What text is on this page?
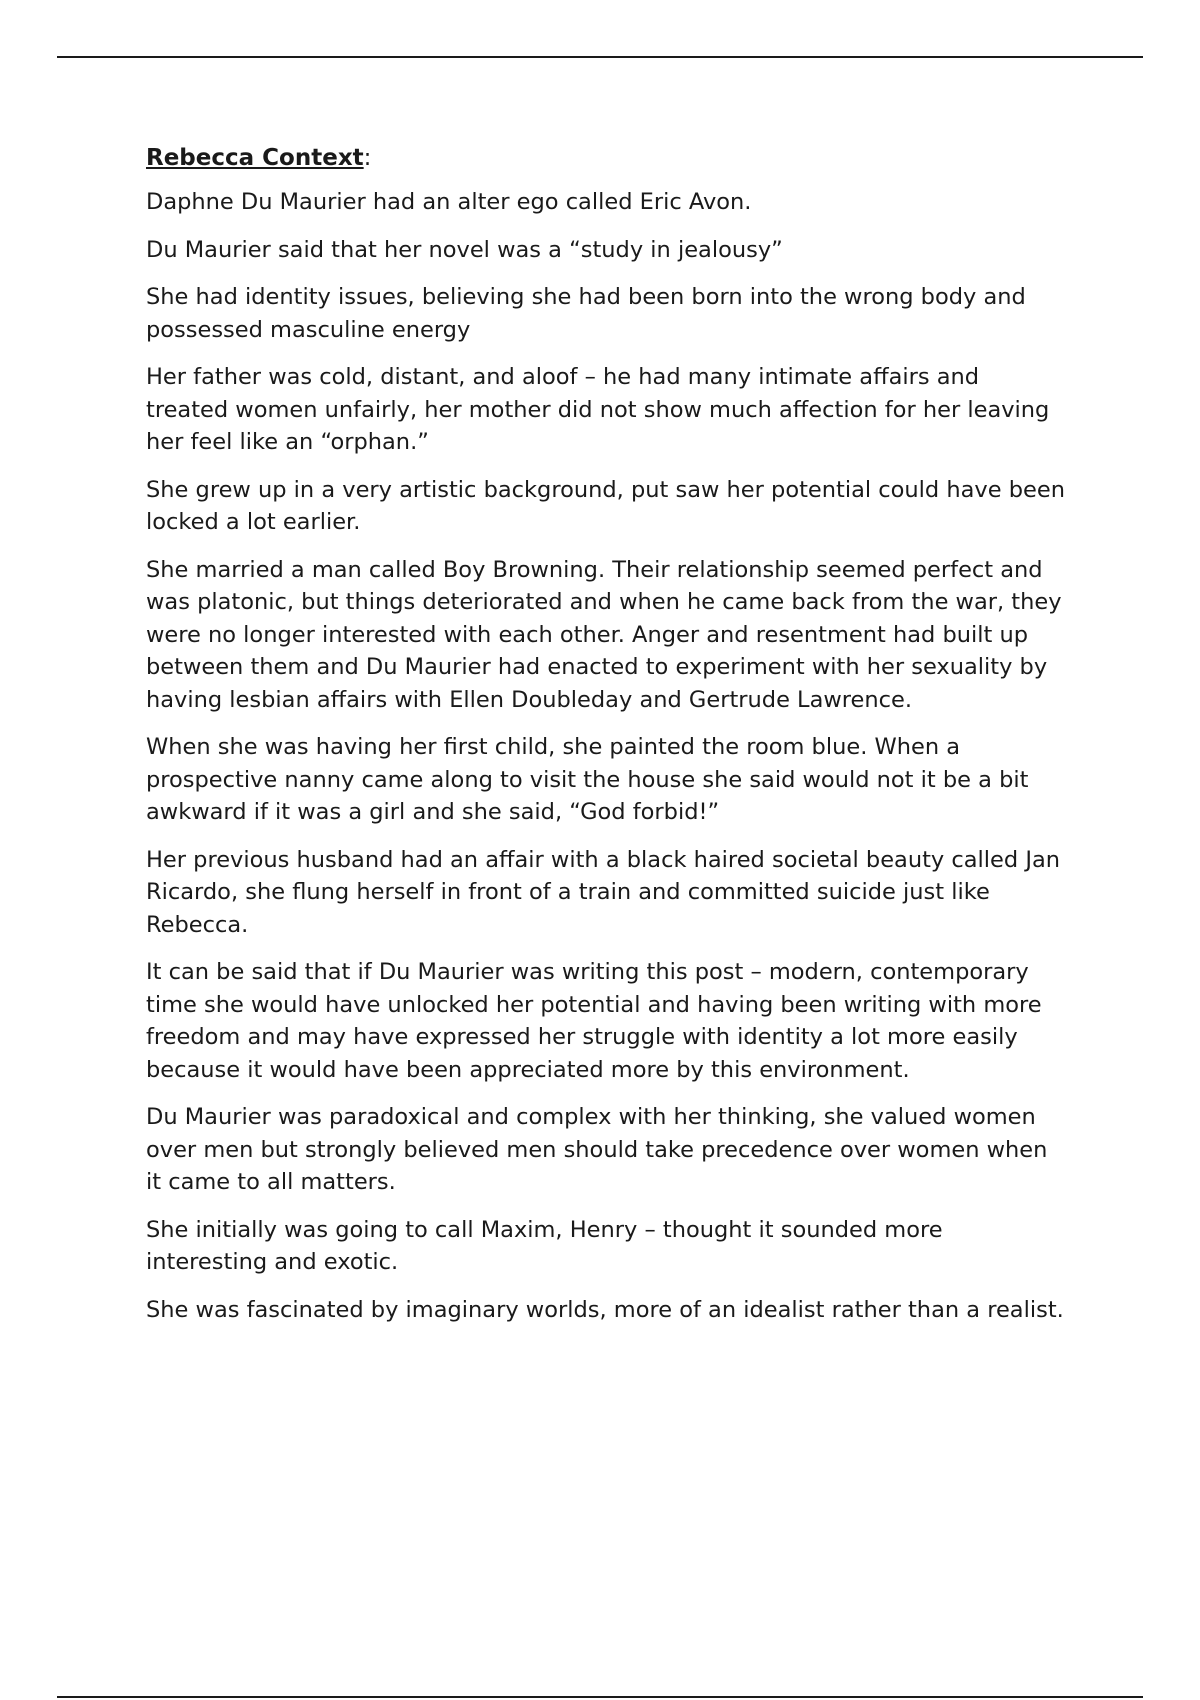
Rebecca Context:

Daphne Du Maurier had an alter ego called Eric Avon.

Du Maurier said that her novel was a “study in jealousy”

She had identity issues, believing she had been born into the wrong body and possessed masculine energy

Her father was cold, distant, and aloof – he had many intimate affairs and treated women unfairly, her mother did not show much affection for her leaving her feel like an “orphan.”

She grew up in a very artistic background, put saw her potential could have been locked a lot earlier.

She married a man called Boy Browning. Their relationship seemed perfect and was platonic, but things deteriorated and when he came back from the war, they were no longer interested with each other. Anger and resentment had built up between them and Du Maurier had enacted to experiment with her sexuality by having lesbian affairs with Ellen Doubleday and Gertrude Lawrence.

When she was having her first child, she painted the room blue. When a prospective nanny came along to visit the house she said would not it be a bit awkward if it was a girl and she said, “God forbid!”

Her previous husband had an affair with a black haired societal beauty called Jan Ricardo, she flung herself in front of a train and committed suicide just like Rebecca.

It can be said that if Du Maurier was writing this post – modern, contemporary time she would have unlocked her potential and having been writing with more freedom and may have expressed her struggle with identity a lot more easily because it would have been appreciated more by this environment.

Du Maurier was paradoxical and complex with her thinking, she valued women over men but strongly believed men should take precedence over women when it came to all matters.

She initially was going to call Maxim, Henry – thought it sounded more interesting and exotic.

She was fascinated by imaginary worlds, more of an idealist rather than a realist.
